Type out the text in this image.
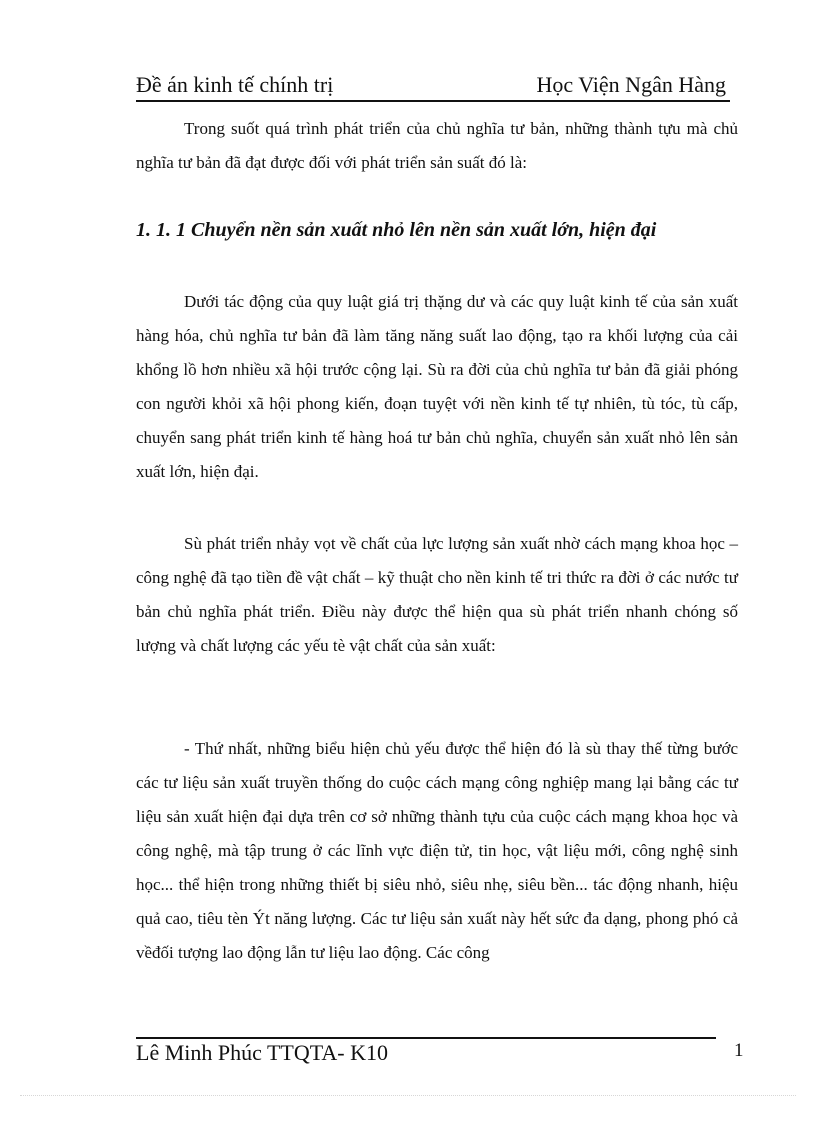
Đề án kinh tế chính trị	Học Viện Ngân Hàng

Trong suốt quá trình phát triển của chủ nghĩa tư bản, những thành tựu mà chủ nghĩa tư bản đã đạt được đối với phát triển sản suất đó là:

1. 1. 1 Chuyển nền sản xuất nhỏ lên nền sản xuất lớn, hiện đại

Dưới tác động của quy luật giá trị thặng dư và các quy luật kinh tế của sản xuất hàng hóa, chủ nghĩa tư bản đã làm tăng năng suất lao động, tạo ra khối lượng của cải khổng lồ hơn nhiều xã hội trước cộng lại. Sù ra đời của chủ nghĩa tư bản đã giải phóng con người khỏi xã hội phong kiến, đoạn tuyệt với nền kinh tế tự nhiên, tù tóc, tù cấp, chuyển sang phát triển kinh tế hàng hoá tư bản chủ nghĩa, chuyển sản xuất nhỏ lên sản xuất lớn, hiện đại.

Sù phát triển nhảy vọt về chất của lực lượng sản xuất nhờ cách mạng khoa học – công nghệ đã tạo tiền đề vật chất – kỹ thuật cho nền kinh tế tri thức ra đời ở các nước tư bản chủ nghĩa phát triển. Điều này được thể hiện qua sù phát triển nhanh chóng số lượng và chất lượng các yếu tè vật chất của sản xuất:

- Thứ nhất, những biểu hiện chủ yếu được thể hiện đó là sù thay thế từng bước các tư liệu sản xuất truyền thống do cuộc cách mạng công nghiệp mang lại bằng các tư liệu sản xuất hiện đại dựa trên cơ sở những thành tựu của cuộc cách mạng khoa học và công nghệ, mà tập trung ở các lĩnh vực điện tử, tin học, vật liệu mới, công nghệ sinh học... thể hiện trong những thiết bị siêu nhỏ, siêu nhẹ, siêu bền... tác động nhanh, hiệu quả cao, tiêu tèn Ýt năng lượng. Các tư liệu sản xuất này hết sức đa dạng, phong phó cả vềđối tượng lao động lẫn tư liệu lao động. Các công

Lê Minh Phúc TTQTA- K10	1
